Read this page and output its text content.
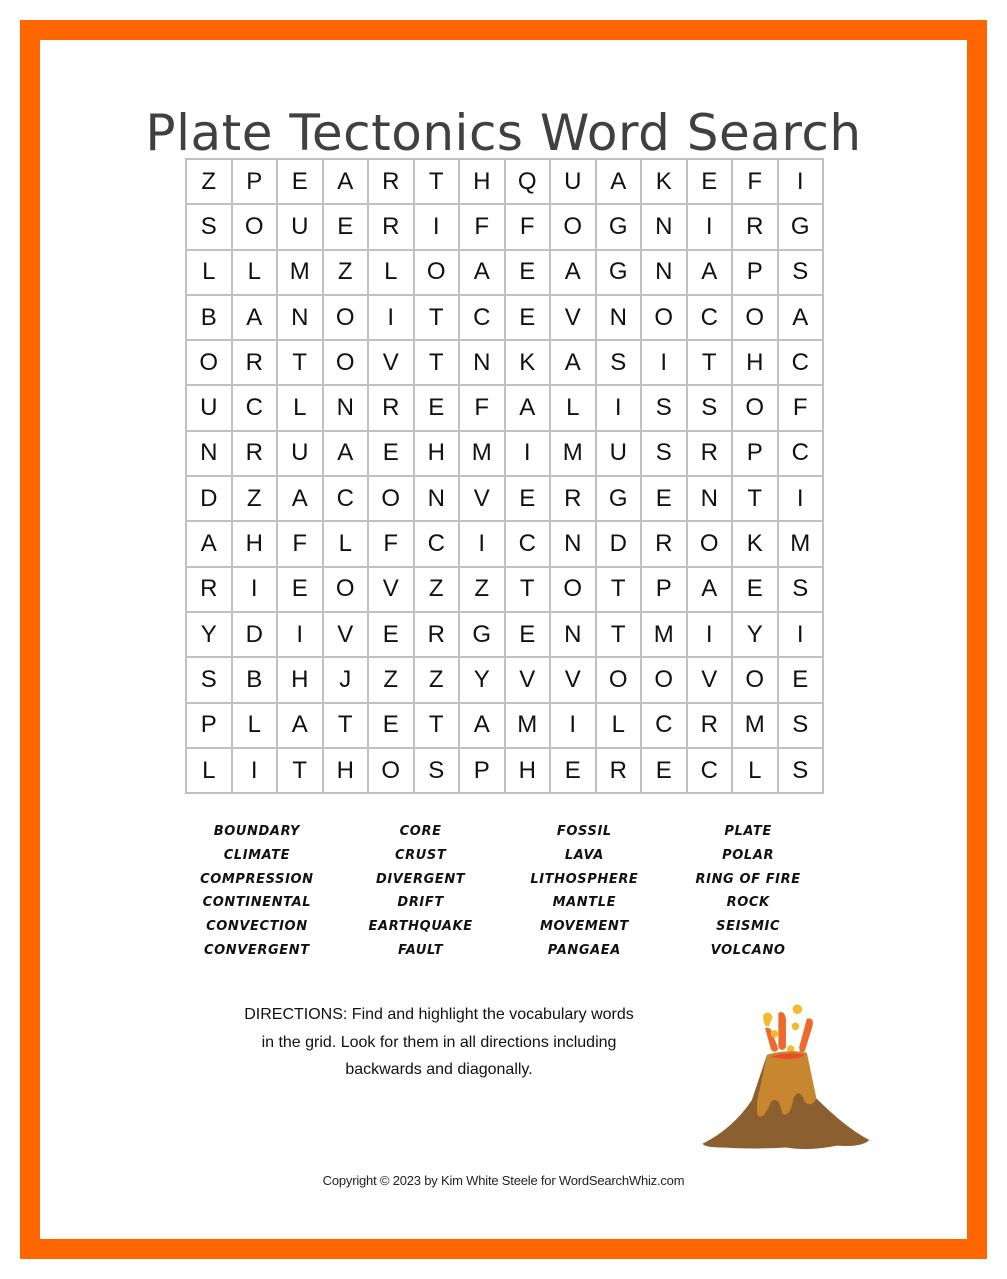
Plate Tectonics Word Search
Z	P	E	A	R	T	H	Q	U	A	K	E	F	I
S	O	U	E	R	I	F	F	O	G	N	I	R	G
L	L	M	Z	L	O	A	E	A	G	N	A	P	S
B	A	N	O	I	T	C	E	V	N	O	C	O	A
O	R	T	O	V	T	N	K	A	S	I	T	H	C
U	C	L	N	R	E	F	A	L	I	S	S	O	F
N	R	U	A	E	H	M	I	M	U	S	R	P	C
D	Z	A	C	O	N	V	E	R	G	E	N	T	I
A	H	F	L	F	C	I	C	N	D	R	O	K	M
R	I	E	O	V	Z	Z	T	O	T	P	A	E	S
Y	D	I	V	E	R	G	E	N	T	M	I	Y	I
S	B	H	J	Z	Z	Y	V	V	O	O	V	O	E
P	L	A	T	E	T	A	M	I	L	C	R	M	S
L	I	T	H	O	S	P	H	E	R	E	C	L	S
BOUNDARY
CLIMATE
COMPRESSION
CONTINENTAL
CONVECTION
CONVERGENT
CORE
CRUST
DIVERGENT
DRIFT
EARTHQUAKE
FAULT
FOSSIL
LAVA
LITHOSPHERE
MANTLE
MOVEMENT
PANGAEA
PLATE
POLAR
RING OF FIRE
ROCK
SEISMIC
VOLCANO
DIRECTIONS: Find and highlight the vocabulary words
in the grid. Look for them in all directions including
backwards and diagonally.
Copyright © 2023 by Kim White Steele for WordSearchWhiz.com
